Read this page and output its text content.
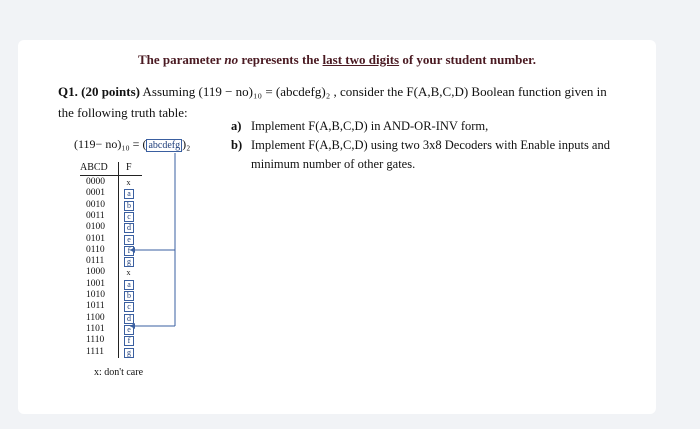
The parameter no represents the last two digits of your student number.
Q1. (20 points) Assuming (119 − no)₁₀ = (abcdefg)₂ , consider the F(A,B,C,D) Boolean function given in
the following truth table:
(119− no)₁₀ = ( abcdefg )₂
a) Implement F(A,B,C,D) in AND-OR-INV form,
b) Implement F(A,B,C,D) using two 3x8 Decoders with Enable inputs and minimum number of other gates.
ABCD F
0000	x
0001	a
0010	b
0011	c
0100	d
0101	e
0110	f
0111	g
1000	x
1001	a
1010	b
1011	c
1100	d
1101	e
1110	f
1111	g
x: don't care
